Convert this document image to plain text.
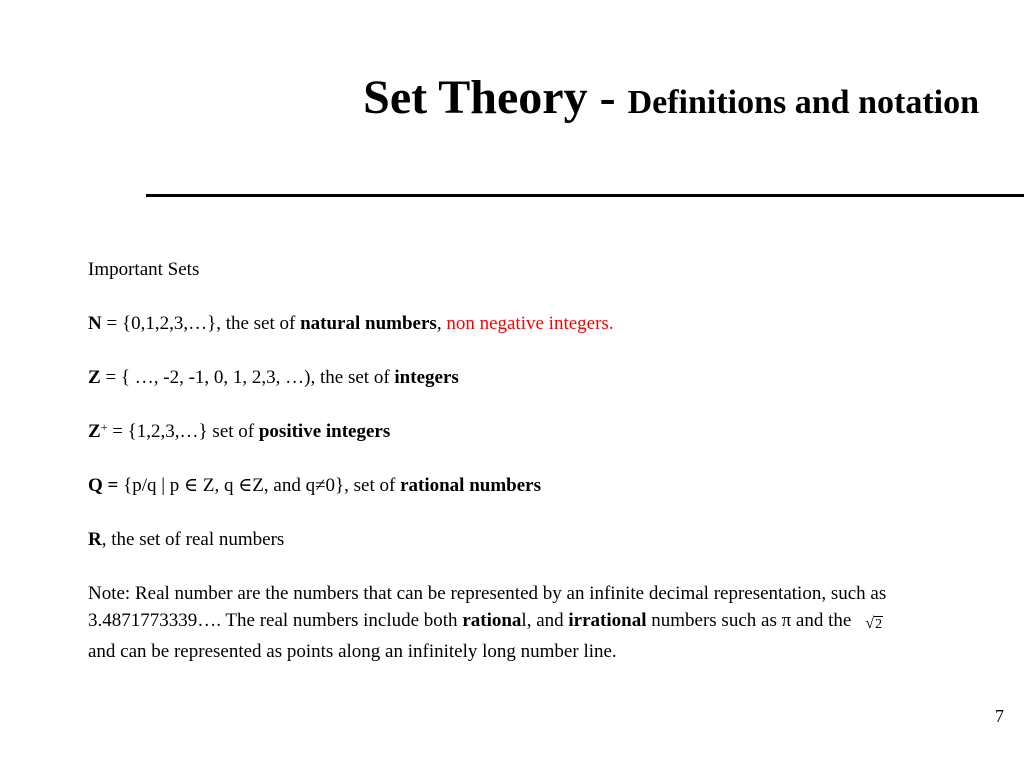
Set Theory - Definitions and notation
Important Sets
N = {0,1,2,3,…}, the set of natural numbers, non negative integers.
Z = { …, -2, -1, 0, 1, 2,3, …), the set of integers
Z+ = {1,2,3,…} set of positive integers
Q = {p/q | p ∈ Z, q ∈Z, and q≠0}, set of rational numbers
R, the set of real numbers
Note: Real number are the numbers that can be represented by an infinite decimal representation, such as 3.4871773339…. The real numbers include both rational, and irrational numbers such as π and the √2and can be represented as points along an infinitely long number line.
7
